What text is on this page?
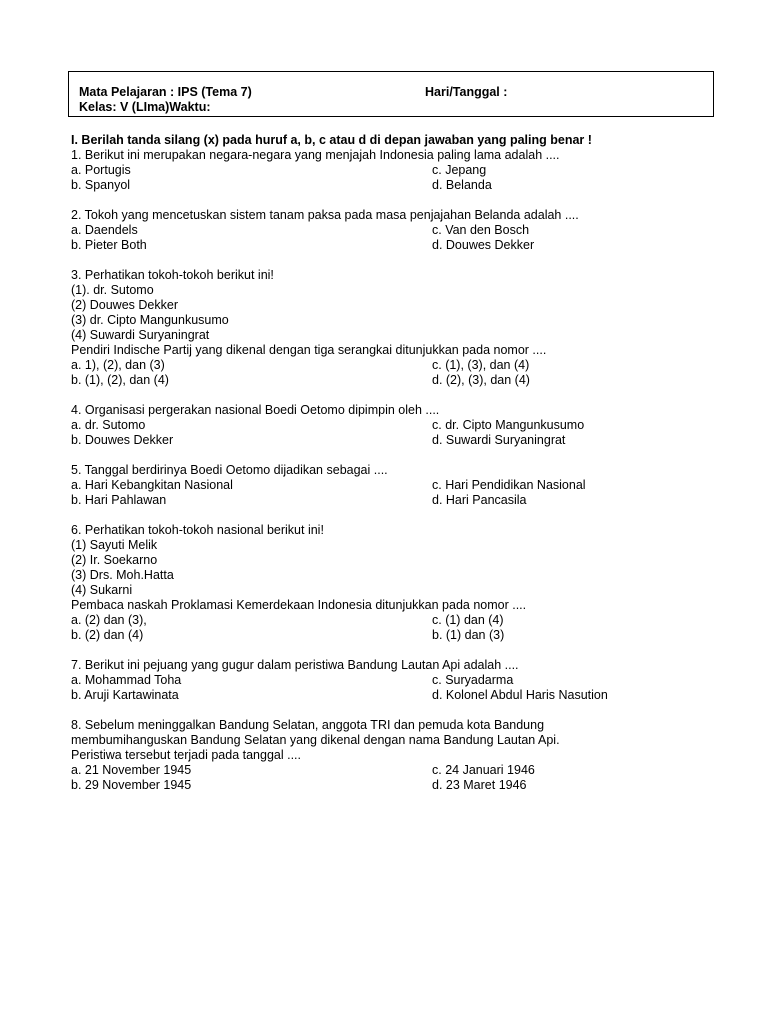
Mata Pelajaran : IPS (Tema 7)	Hari/Tanggal :
Kelas: V (LIma)Waktu:
I. Berilah tanda silang (x) pada huruf a, b, c atau d di depan jawaban yang paling benar !
1. Berikut ini merupakan negara-negara yang menjajah Indonesia paling lama adalah ....
a. Portugis	c. Jepang
b. Spanyol	d. Belanda
2. Tokoh yang mencetuskan sistem tanam paksa pada masa penjajahan Belanda adalah ....
a. Daendels	c. Van den Bosch
b. Pieter Both	d. Douwes Dekker
3. Perhatikan tokoh-tokoh berikut ini!
(1). dr. Sutomo
(2) Douwes Dekker
(3) dr. Cipto Mangunkusumo
(4) Suwardi Suryaningrat
Pendiri Indische Partij yang dikenal dengan tiga serangkai ditunjukkan pada nomor ....
a. 1), (2), dan (3)	c. (1), (3), dan (4)
b. (1), (2), dan (4)	d. (2), (3), dan (4)
4. Organisasi pergerakan nasional Boedi Oetomo dipimpin oleh ....
a. dr. Sutomo	c. dr. Cipto Mangunkusumo
b. Douwes Dekker	d. Suwardi Suryaningrat
5. Tanggal berdirinya Boedi Oetomo dijadikan sebagai ....
a. Hari Kebangkitan Nasional	c. Hari Pendidikan Nasional
b. Hari Pahlawan	d. Hari Pancasila
6. Perhatikan tokoh-tokoh nasional berikut ini!
(1) Sayuti Melik
(2) Ir. Soekarno
(3) Drs. Moh.Hatta
(4) Sukarni
Pembaca naskah Proklamasi Kemerdekaan Indonesia ditunjukkan pada nomor ....
a. (2) dan (3),	c. (1) dan (4)
b. (2) dan (4)	b. (1) dan (3)
7. Berikut ini pejuang yang gugur dalam peristiwa Bandung Lautan Api adalah ....
a. Mohammad Toha	c. Suryadarma
b. Aruji Kartawinata	d. Kolonel Abdul Haris Nasution
8. Sebelum meninggalkan Bandung Selatan, anggota TRI dan pemuda kota Bandung
membumihanguskan Bandung Selatan yang dikenal dengan nama Bandung Lautan Api.
Peristiwa tersebut terjadi pada tanggal ....
a. 21 November 1945	c. 24 Januari 1946
b. 29 November 1945	d. 23 Maret 1946
